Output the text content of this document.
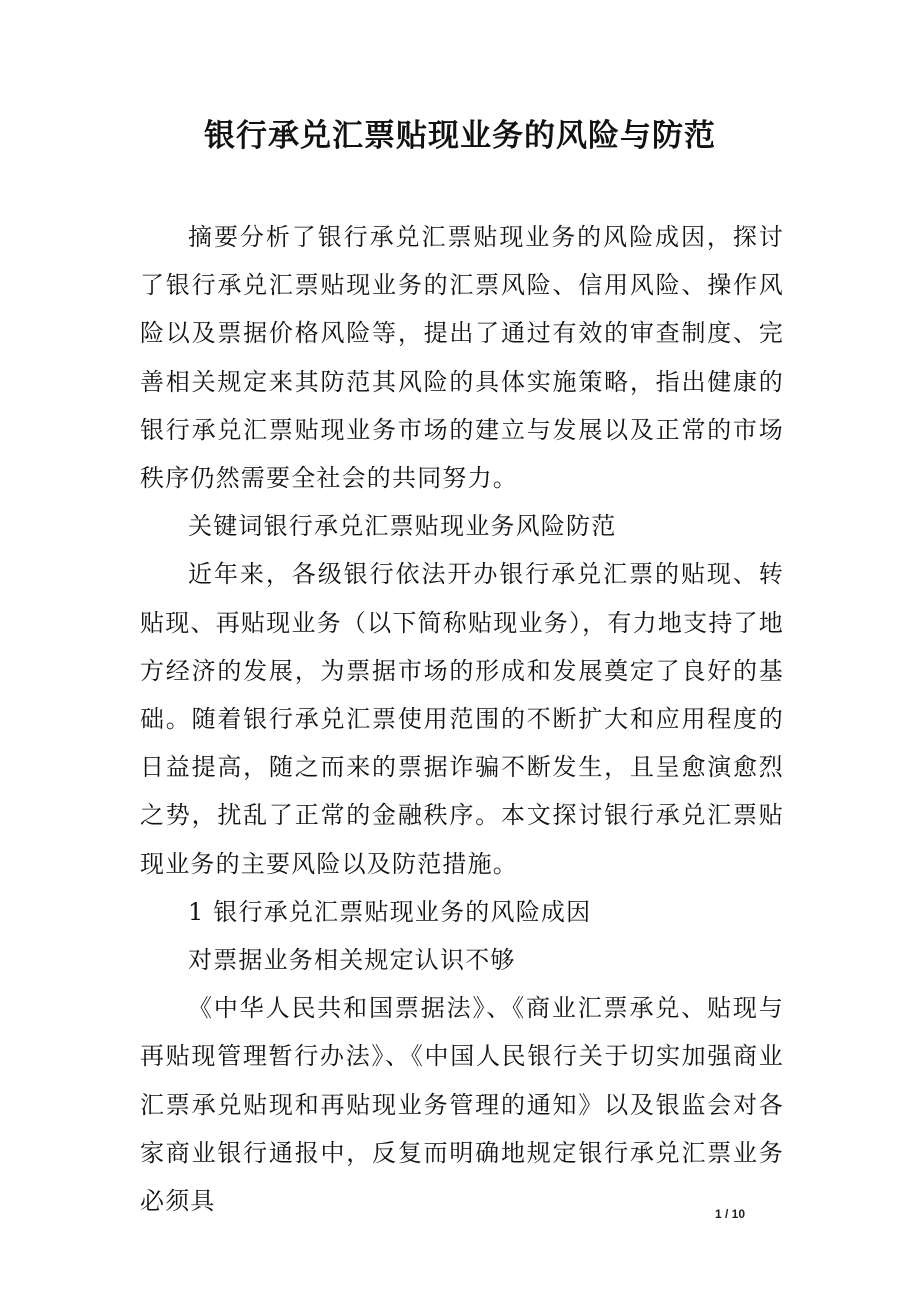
银行承兑汇票贴现业务的风险与防范

摘要分析了银行承兑汇票贴现业务的风险成因，探讨了银行承兑汇票贴现业务的汇票风险、信用风险、操作风险以及票据价格风险等，提出了通过有效的审查制度、完善相关规定来其防范其风险的具体实施策略，指出健康的银行承兑汇票贴现业务市场的建立与发展以及正常的市场秩序仍然需要全社会的共同努力。

关键词银行承兑汇票贴现业务风险防范

近年来，各级银行依法开办银行承兑汇票的贴现、转贴现、再贴现业务（以下简称贴现业务），有力地支持了地方经济的发展，为票据市场的形成和发展奠定了良好的基础。随着银行承兑汇票使用范围的不断扩大和应用程度的日益提高，随之而来的票据诈骗不断发生，且呈愈演愈烈之势，扰乱了正常的金融秩序。本文探讨银行承兑汇票贴现业务的主要风险以及防范措施。

1 银行承兑汇票贴现业务的风险成因

对票据业务相关规定认识不够

《中华人民共和国票据法》、《商业汇票承兑、贴现与再贴现管理暂行办法》、《中国人民银行关于切实加强商业汇票承兑贴现和再贴现业务管理的通知》以及银监会对各家商业银行通报中，反复而明确地规定银行承兑汇票业务必须具	1 / 10
